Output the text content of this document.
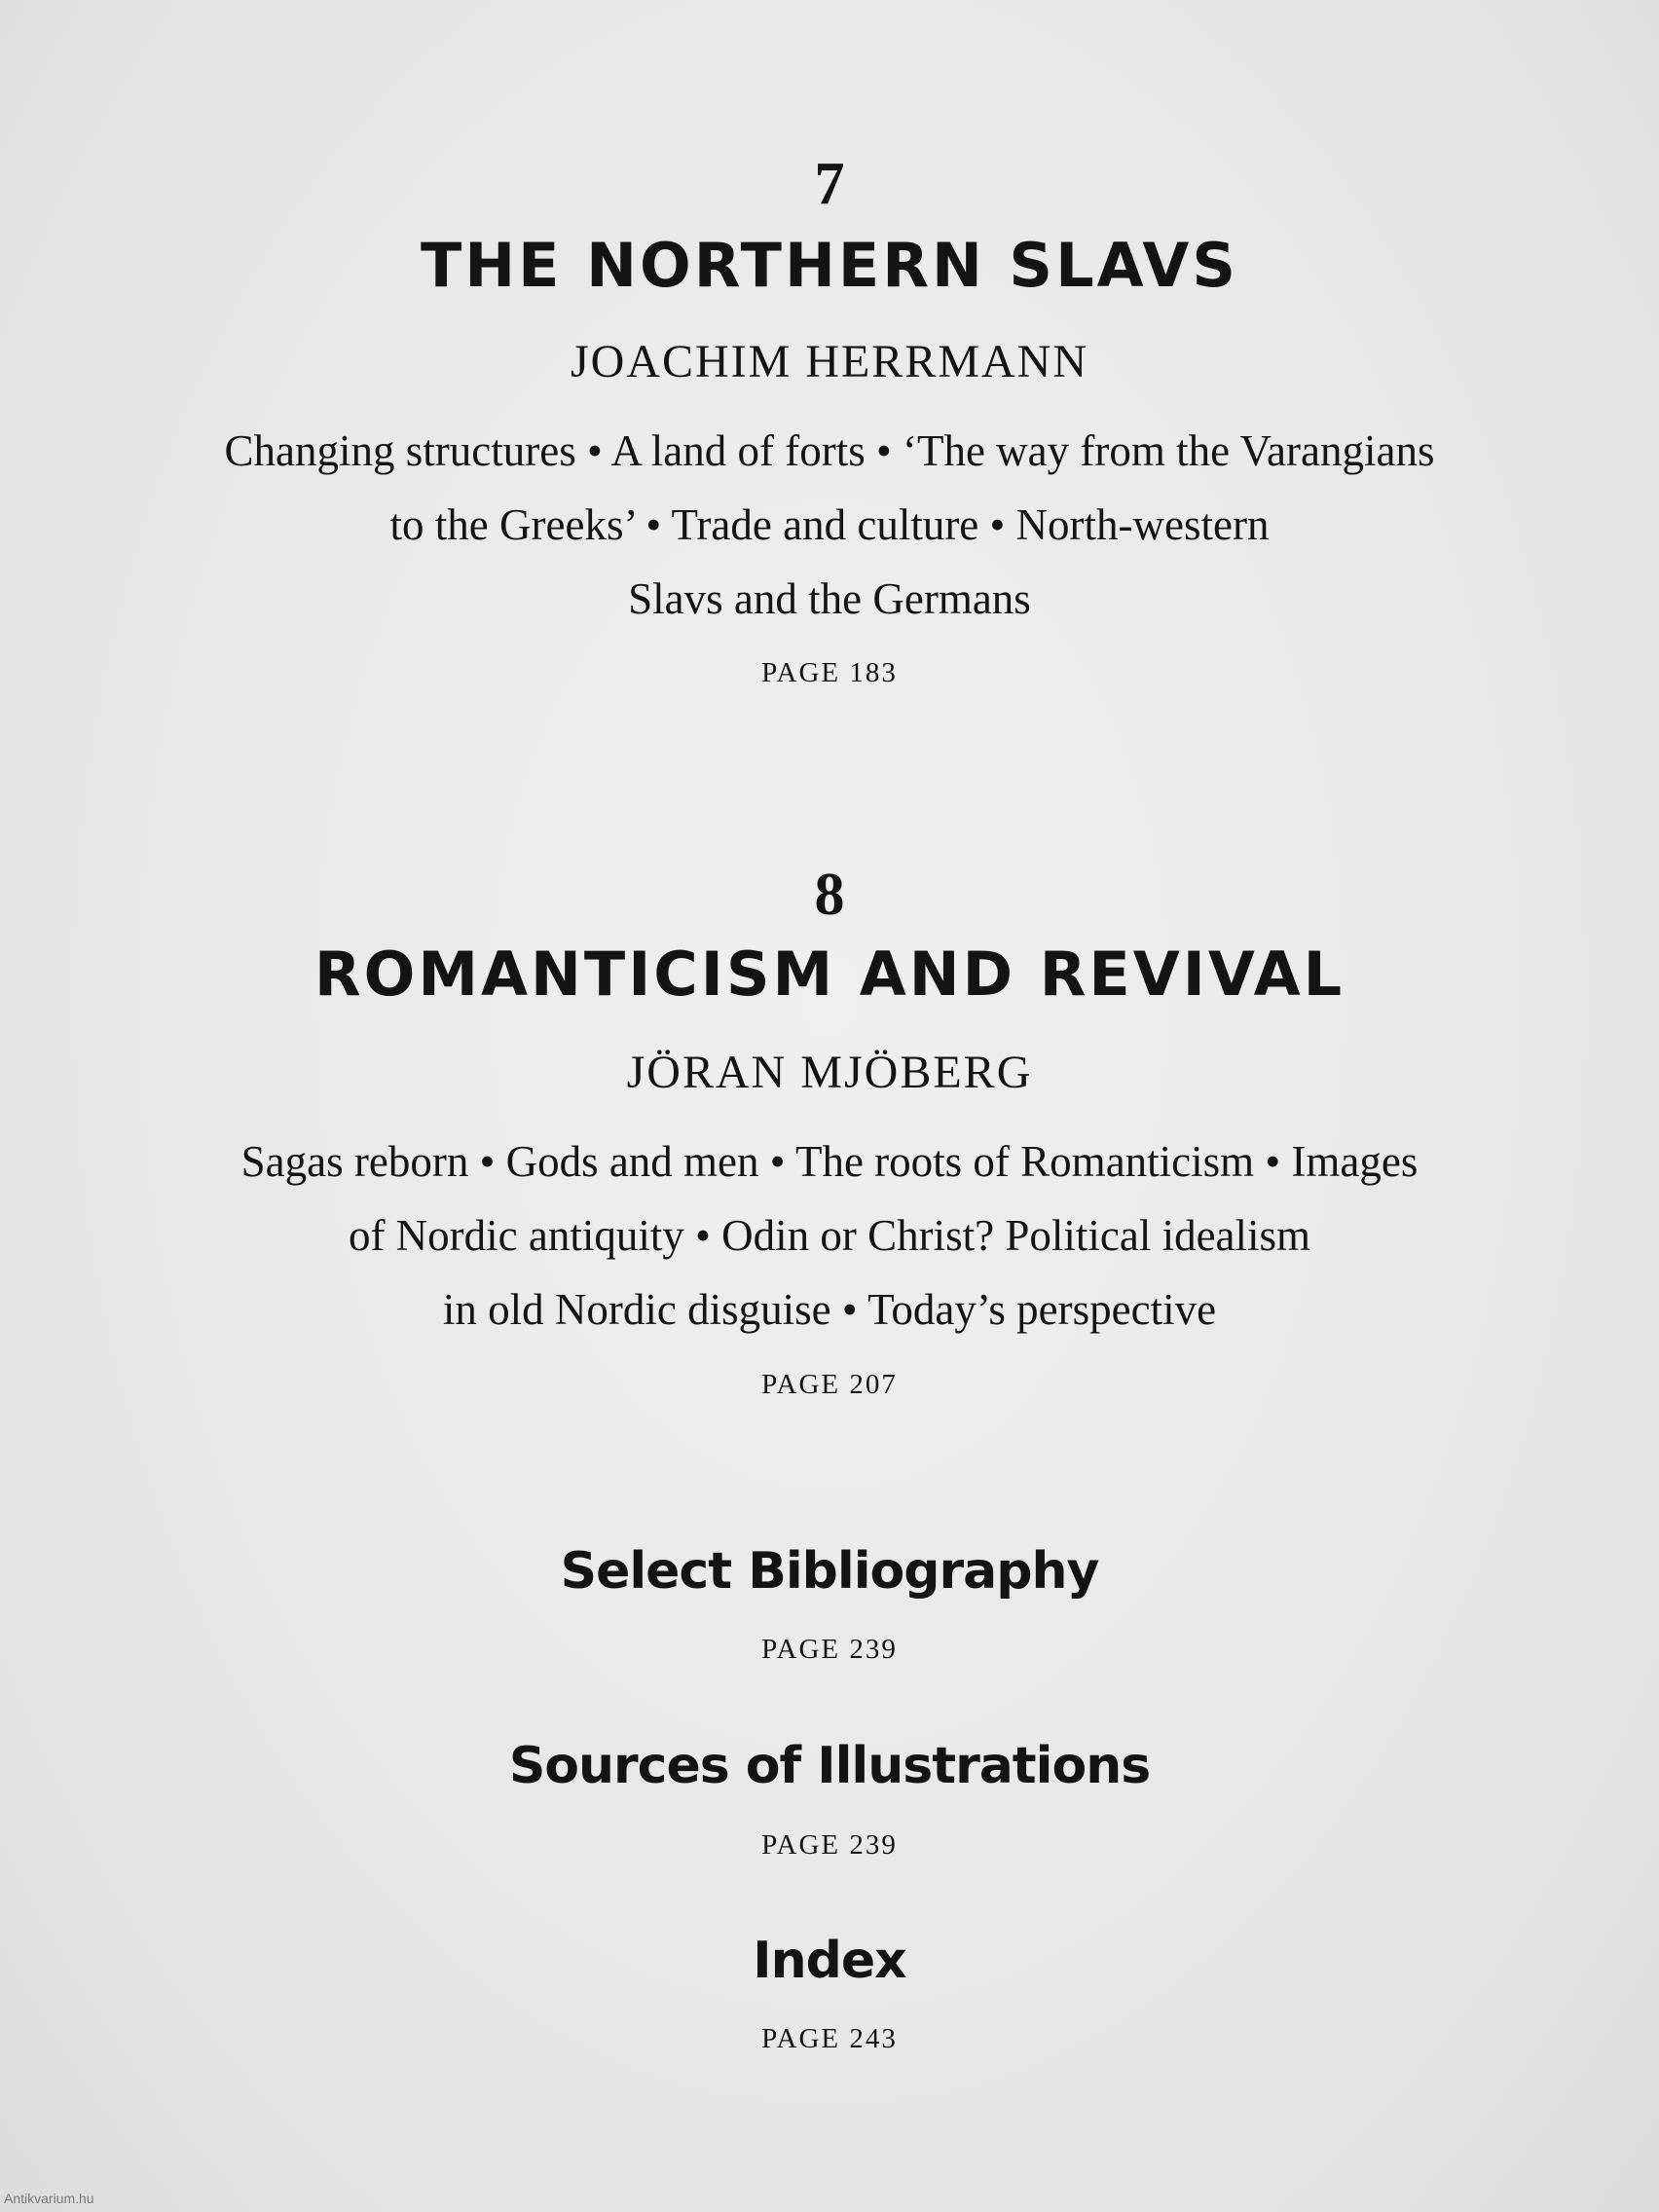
7
THE NORTHERN SLAVS
JOACHIM HERRMANN
Changing structures • A land of forts • ‘The way from the Varangians
to the Greeks’ • Trade and culture • North-western
Slavs and the Germans
PAGE 183
8
ROMANTICISM AND REVIVAL
JÖRAN MJÖBERG
Sagas reborn • Gods and men • The roots of Romanticism • Images
of Nordic antiquity • Odin or Christ? Political idealism
in old Nordic disguise • Today’s perspective
PAGE 207
Select Bibliography
PAGE 239
Sources of Illustrations
PAGE 239
Index
PAGE 243
Antikvarium.hu
